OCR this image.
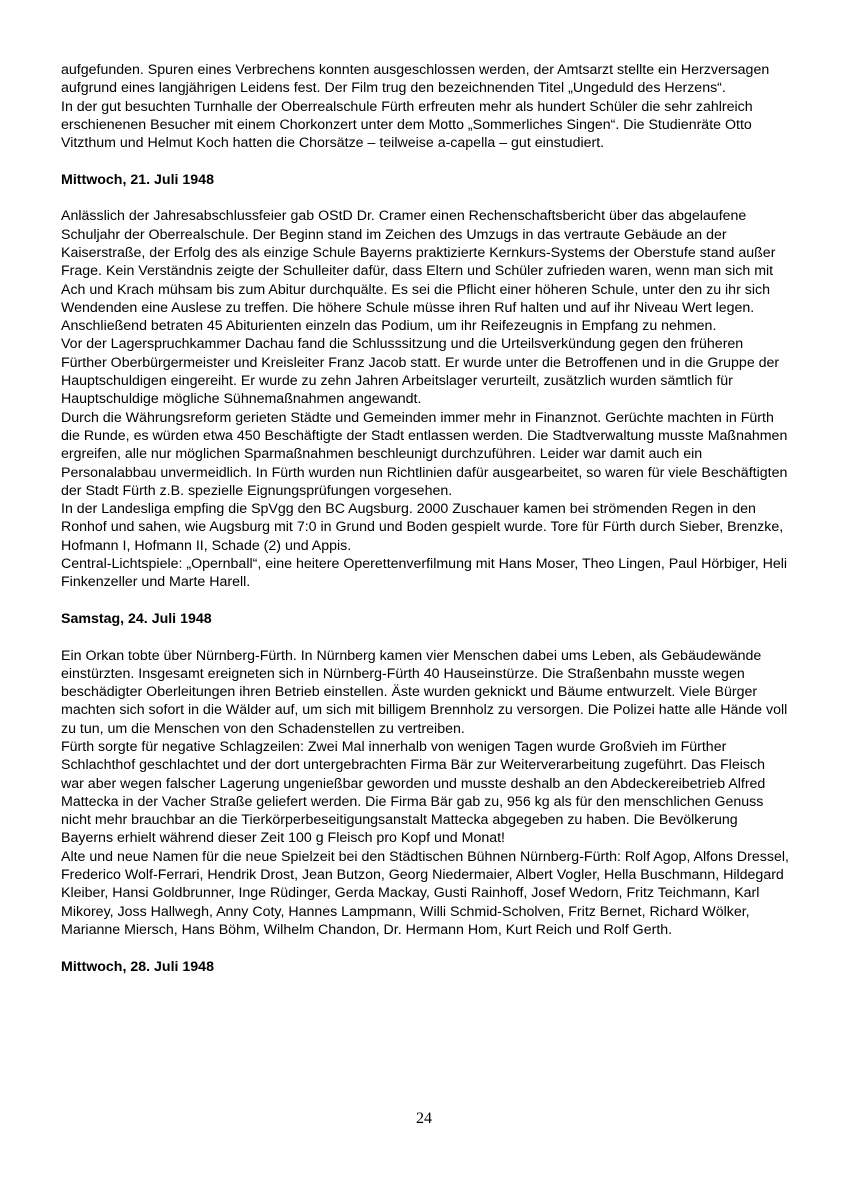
aufgefunden. Spuren eines Verbrechens konnten ausgeschlossen werden, der Amtsarzt stellte ein Herzversagen aufgrund eines langjährigen Leidens fest. Der Film trug den bezeichnenden Titel „Ungeduld des Herzens“.

In der gut besuchten Turnhalle der Oberrealschule Fürth erfreuten mehr als hundert Schüler die sehr zahlreich erschienenen Besucher mit einem Chorkonzert unter dem Motto „Sommerliches Singen“. Die Studienräte Otto Vitzthum und Helmut Koch hatten die Chorsätze – teilweise a-capella – gut einstudiert.

Mittwoch, 21. Juli 1948

Anlässlich der Jahresabschlussfeier gab OStD Dr. Cramer einen Rechenschaftsbericht über das abgelaufene Schuljahr der Oberrealschule. Der Beginn stand im Zeichen des Umzugs in das vertraute Gebäude an der Kaiserstraße, der Erfolg des als einzige Schule Bayerns praktizierte Kernkurs-Systems der Oberstufe stand außer Frage. Kein Verständnis zeigte der Schulleiter dafür, dass Eltern und Schüler zufrieden waren, wenn man sich mit Ach und Krach mühsam bis zum Abitur durchquälte. Es sei die Pflicht einer höheren Schule, unter den zu ihr sich Wendenden eine Auslese zu treffen. Die höhere Schule müsse ihren Ruf halten und auf ihr Niveau Wert legen. Anschließend betraten 45 Abiturienten einzeln das Podium, um ihr Reifezeugnis in Empfang zu nehmen.

Vor der Lagerspruchkammer Dachau fand die Schlusssitzung und die Urteilsverkündung gegen den früheren Fürther Oberbürgermeister und Kreisleiter Franz Jacob statt. Er wurde unter die Betroffenen und in die Gruppe der Hauptschuldigen eingereiht. Er wurde zu zehn Jahren Arbeitslager verurteilt, zusätzlich wurden sämtlich für Hauptschuldige mögliche Sühnemaßnahmen angewandt.

Durch die Währungsreform gerieten Städte und Gemeinden immer mehr in Finanznot. Gerüchte machten in Fürth die Runde, es würden etwa 450 Beschäftigte der Stadt entlassen werden. Die Stadtverwaltung musste Maßnahmen ergreifen, alle nur möglichen Sparmaßnahmen beschleunigt durchzuführen. Leider war damit auch ein Personalabbau unvermeidlich. In Fürth wurden nun Richtlinien dafür ausgearbeitet, so waren für viele Beschäftigten der Stadt Fürth z.B. spezielle Eignungsprüfungen vorgesehen.

In der Landesliga empfing die SpVgg den BC Augsburg. 2000 Zuschauer kamen bei strömenden Regen in den Ronhof und sahen, wie Augsburg mit 7:0 in Grund und Boden gespielt wurde. Tore für Fürth durch Sieber, Brenzke, Hofmann I, Hofmann II, Schade (2) und Appis.

Central-Lichtspiele: „Opernball“, eine heitere Operettenverfilmung mit Hans Moser, Theo Lingen, Paul Hörbiger, Heli Finkenzeller und Marte Harell.

Samstag, 24. Juli 1948

Ein Orkan tobte über Nürnberg-Fürth. In Nürnberg kamen vier Menschen dabei ums Leben, als Gebäudewände einstürzten. Insgesamt ereigneten sich in Nürnberg-Fürth 40 Hauseinstürze. Die Straßenbahn musste wegen beschädigter Oberleitungen ihren Betrieb einstellen. Äste wurden geknickt und Bäume entwurzelt. Viele Bürger machten sich sofort in die Wälder auf, um sich mit billigem Brennholz zu versorgen. Die Polizei hatte alle Hände voll zu tun, um die Menschen von den Schadenstellen zu vertreiben.

Fürth sorgte für negative Schlagzeilen: Zwei Mal innerhalb von wenigen Tagen wurde Großvieh im Fürther Schlachthof geschlachtet und der dort untergebrachten Firma Bär zur Weiterverarbeitung zugeführt. Das Fleisch war aber wegen falscher Lagerung ungenießbar geworden und musste deshalb an den Abdeckereibetrieb Alfred Mattecka in der Vacher Straße geliefert werden. Die Firma Bär gab zu, 956 kg als für den menschlichen Genuss nicht mehr brauchbar an die Tierkörperbeseitigungsanstalt Mattecka abgegeben zu haben. Die Bevölkerung Bayerns erhielt während dieser Zeit 100 g Fleisch pro Kopf und Monat!

Alte und neue Namen für die neue Spielzeit bei den Städtischen Bühnen Nürnberg-Fürth: Rolf Agop, Alfons Dressel, Frederico Wolf-Ferrari, Hendrik Drost, Jean Butzon, Georg Niedermaier, Albert Vogler, Hella Buschmann, Hildegard Kleiber, Hansi Goldbrunner, Inge Rüdinger, Gerda Mackay, Gusti Rainhoff, Josef Wedorn, Fritz Teichmann, Karl Mikorey, Joss Hallwegh, Anny Coty, Hannes Lampmann, Willi Schmid-Scholven, Fritz Bernet, Richard Wölker, Marianne Miersch, Hans Böhm, Wilhelm Chandon, Dr. Hermann Hom, Kurt Reich und Rolf Gerth.

Mittwoch, 28. Juli 1948

24
